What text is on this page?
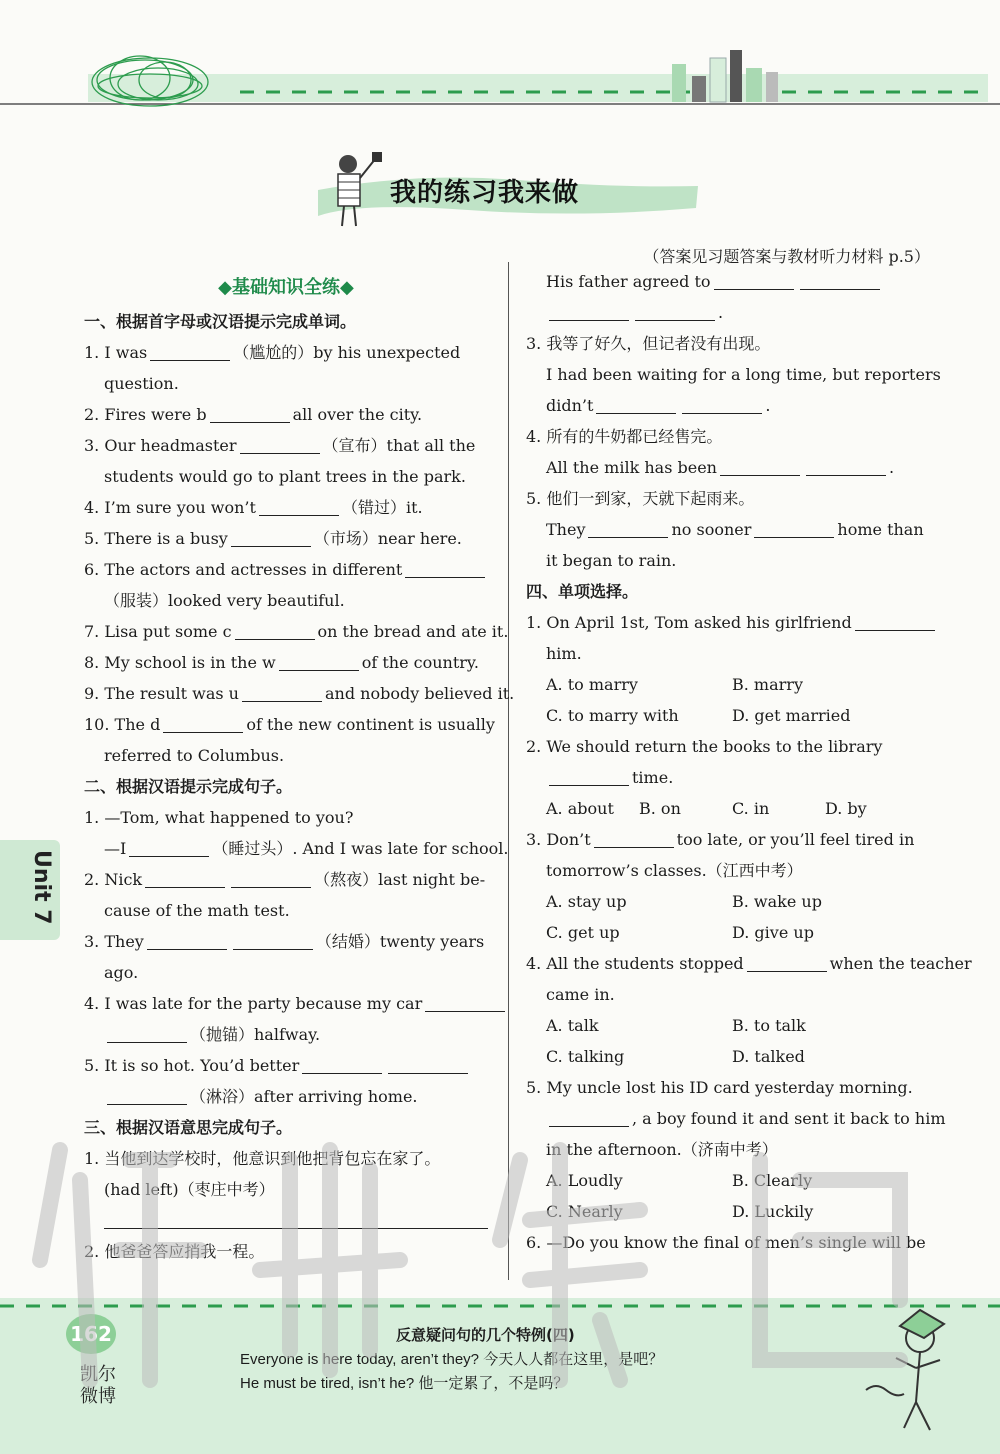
我的练习我来做
（答案见习题答案与教材听力材料 p.5）
◆基础知识全练◆
一、根据首字母或汉语提示完成单词。
1. I was	（尴尬的）by his unexpected
question.
2. Fires were b	all over the city.
3. Our headmaster	（宣布）that all the
students would go to plant trees in the park.
4. I’m sure you won’t	（错过）it.
5. There is a busy	（市场）near here.
6. The actors and actresses in different
（服装）looked very beautiful.
7. Lisa put some c	on the bread and ate it.
8. My school is in the w	of the country.
9. The result was u	and nobody believed it.
10. The d	of the new continent is usually
referred to Columbus.
二、根据汉语提示完成句子。
1. —Tom, what happened to you?
—I	（睡过头）. And I was late for school.
2. Nick	（熬夜）last night be-
cause of the math test.
3. They	（结婚）twenty years
ago.
4. I was late for the party because my car
（抛锚）halfway.
5. It is so hot. You’d better
（淋浴）after arriving home.
三、根据汉语意思完成句子。
1. 当他到达学校时，他意识到他把背包忘在家了。
(had left)（枣庄中考）
2. 他爸爸答应捎我一程。
His father agreed to
.
3. 我等了好久，但记者没有出现。
I had been waiting for a long time, but reporters
didn’t	.
4. 所有的牛奶都已经售完。
All the milk has been	.
5. 他们一到家，天就下起雨来。
They	no sooner	home than
it began to rain.
四、单项选择。
1. On April 1st, Tom asked his girlfriend
him.
A. to marry	B. marry
C. to marry with	D. get married
2. We should return the books to the library
time.
A. about	B. on	C. in	D. by
3. Don’t	too late, or you’ll feel tired in
tomorrow’s classes.（江西中考）
A. stay up	B. wake up
C. get up	D. give up
4. All the students stopped	when the teacher
came in.
A. talk	B. to talk
C. talking	D. talked
5. My uncle lost his ID card yesterday morning.
, a boy found it and sent it back to him
in the afternoon.（济南中考）
A. Loudly	B. Clearly
C. Nearly	D. Luckily
6. —Do you know the final of men’s single will be
Unit 7
162
凯尔微博
反意疑问句的几个特例(四)
Everyone is here today, aren’t they? 今天人人都在这里，是吧？
He must be tired, isn’t he? 他一定累了，不是吗？
